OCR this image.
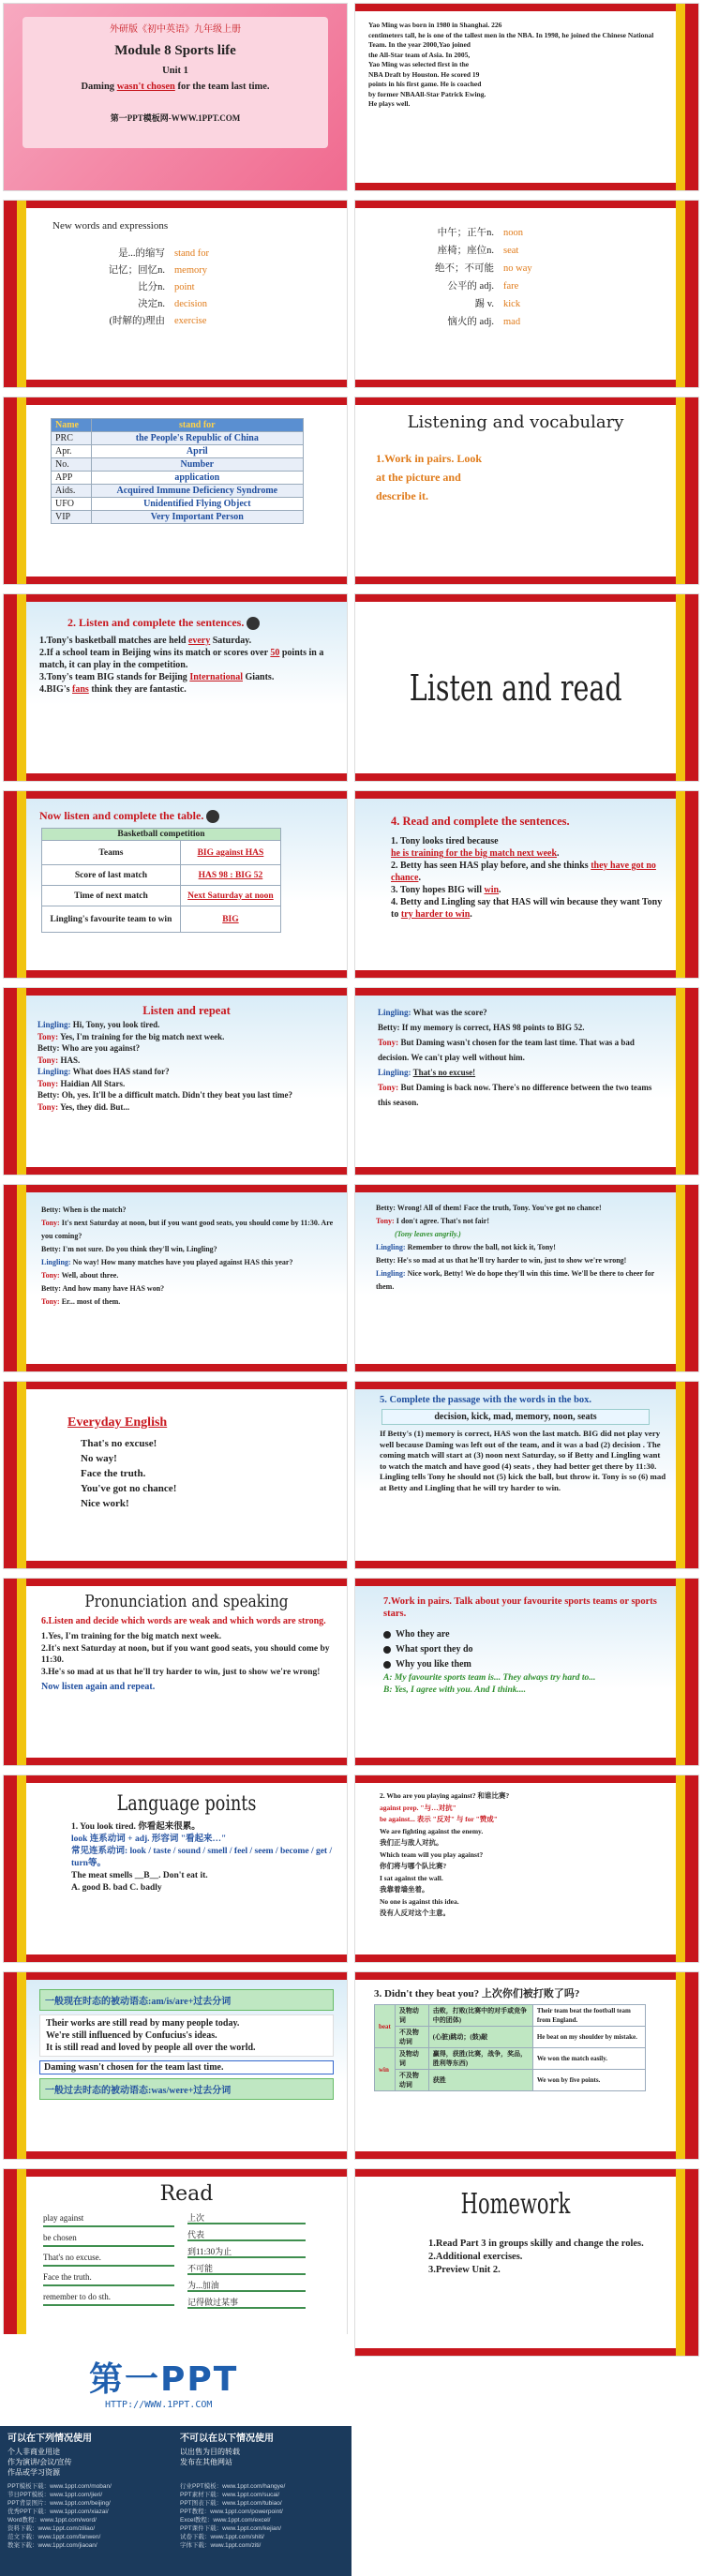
外研版《初中英语》九年级上册
Module 8 Sports life
Unit 1
Daming wasn't chosen for the team last time.
第一PPT模板网-WWW.1PPT.COM
Yao Ming was born in 1980 in Shanghai. 226
centimeters tall, he is one of the tallest men in the NBA. In 1998, he joined the Chinese National
Team. In the year 2000,Yao joined
the All-Star team of Asia. In 2005,
Yao Ming was selected first in the
NBA Draft by Houston. He scored 19
points in his first game. He is coached
by former NBAAll-Star Patrick Ewing.
He plays well.
New words and expressions
是...的缩写 stand for
记忆；回忆n. memory
比分n. point
决定n. decision
(时解的)理由 exercise
中午；正午n. noon
座椅；座位n. seat
绝不；不可能 no way
公平的 adj. fare
踢 v. kick
恼火的 adj. mad
Name	stand for
PRC	the People's Republic of China
Apr.	April
No.	Number
APP	application
Aids.	Acquired Immune Deficiency Syndrome
UFO	Unidentified Flying Object
VIP	Very Important Person
Listening and vocabulary
1.Work in pairs. Look at the picture and describe it.
2. Listen and complete the sentences.
1.Tony's basketball matches are held every Saturday.
2.If a school team in Beijing wins its match or scores over 50 points in a match, it can play in the competition.
3.Tony's team BIG stands for Beijing International Giants.
4.BIG's fans think they are fantastic.	Listen and read
Now listen and complete the table.
Basketball competition	
Teams	BIG against HAS
Score of last match	HAS 98 : BIG 52
Time of next match	Next Saturday at noon
Lingling's favourite team to win	BIG
4. Read and complete the sentences.
1. Tony looks tired because
he is training for the big match next week.
2. Betty has seen HAS play before, and she thinks they have got no chance.
3. Tony hopes BIG will win.
4. Betty and Lingling say that HAS will win because they want Tony to try harder to win.
Listen and repeat
Lingling: Hi, Tony, you look tired.
Tony: Yes, I'm training for the big match next week.
Betty: Who are you against?
Tony: HAS.
Lingling: What does HAS stand for?
Tony: Haidian All Stars.
Betty: Oh, yes. It'll be a difficult match. Didn't they beat you last time?
Tony: Yes, they did. But...
Lingling: What was the score?
Betty: If my memory is correct, HAS 98 points to BIG 52.
Tony: But Daming wasn't chosen for the team last time. That was a bad decision. We can't play well without him.
Lingling: That's no excuse!
Tony: But Daming is back now. There's no difference between the two teams this season.
Betty: When is the match?
Tony: It's next Saturday at noon, but if you want good seats, you should come by 11:30. Are you coming?
Betty: I'm not sure. Do you think they'll win, Lingling?
Lingling: No way! How many matches have you played against HAS this year?
Tony: Well, about three.
Betty: And how many have HAS won?
Tony: Er... most of them.
Betty: Wrong! All of them! Face the truth, Tony. You've got no chance!
Tony: I don't agree. That's not fair!
(Tony leaves angrily.)
Lingling: Remember to throw the ball, not kick it, Tony!
Betty: He's so mad at us that he'll try harder to win, just to show we're wrong!
Lingling: Nice work, Betty! We do hope they'll win this time. We'll be there to cheer for them.
Everyday English
That's no excuse!
No way!
Face the truth.
You've got no chance!
Nice work!
5. Complete the passage with the words in the box.
decision, kick, mad, memory, noon, seats
If Betty's (1) memory is correct, HAS won the last match. BIG did not play very well because Daming was left out of the team, and it was a bad (2) decision . The coming match will start at (3) noon next Saturday, so if Betty and Lingling want to watch the match and have good (4) seats , they had better get there by 11:30. Lingling tells Tony he should not (5) kick the ball, but throw it. Tony is so (6) mad at Betty and Lingling that he will try harder to win.
Pronunciation and speaking
6.Listen and decide which words are weak and which words are strong.
1.Yes, I'm training for the big match next week.
2.It's next Saturday at noon, but if you want good seats, you should come by 11:30.
3.He's so mad at us that he'll try harder to win, just to show we're wrong!
Now listen again and repeat.
7.Work in pairs. Talk about your favourite sports teams or sports stars.
Who they are
What sport they do
Why you like them
A: My favourite sports team is... They always try hard to...
B: Yes, I agree with you. And I think....
Language points
1. You look tired. 你看起来很累。
look 连系动词 + adj. 形容词 "看起来…"
常见连系动词: look / taste / sound / smell / feel / seem / become / get / turn等。
The meat smells __B__. Don't eat it.
A. good B. bad C. badly
2. Who are you playing against? 和谁比赛?
against prep. "与…对抗"
be against... 表示 "反对" 与 for "赞成"
We are fighting against the enemy.
我们正与敌人对抗。
Which team will you play against?
你们将与哪个队比赛?
I sat against the wall.
我靠着墙坐着。
No one is against this idea.
没有人反对这个主意。
一般现在时态的被动语态:am/is/are+过去分词
Their works are still read by many people today.
We're still influenced by Confucius's ideas.
It is still read and loved by people all over the world.
Daming wasn't chosen for the team last time.
一般过去时态的被动语态:was/were+过去分词
3. Didn't they beat you? 上次你们被打败了吗?
beat	及物动词	击败，打败(比赛中的对手或竞争中的团体)	Their team beat the football team from England.
	不及物动词	(心脏)跳动；(鼓)敲	He beat on my shoulder by mistake.
win	及物动词	赢得，获胜(比赛，战争，奖品，胜利等东西)	We won the match easily.
	不及物动词	获胜	We won by five points.
Read
play against
be chosen
That's no excuse.
Face the truth.
remember to do sth.
上次
代表
到11:30为止
不可能
为...加油
记得做过某事
Homework
1.Read Part 3 in groups skilly and change the roles.
2.Additional exercises.
3.Preview Unit 2.
第一PPT
HTTP://WWW.1PPT.COM
可以在下列情况使用
个人非商业用途
作为演讲/会议/宣传
作品或学习资源
不可以在以下情况使用
以出售为目的转载
发布在其他网站
PPT模板下载：www.1ppt.com/moban/
节日PPT模板：www.1ppt.com/jieri/
PPT背景图片：www.1ppt.com/beijing/
优秀PPT下载：www.1ppt.com/xiazai/
Word教程：www.1ppt.com/word/
资料下载：www.1ppt.com/ziliao/
范文下载：www.1ppt.com/fanwen/
教案下载：www.1ppt.com/jiaoan/
行业PPT模板：www.1ppt.com/hangye/
PPT素材下载：www.1ppt.com/sucai/
PPT图表下载：www.1ppt.com/tubiao/
PPT教程：www.1ppt.com/powerpoint/
Excel教程：www.1ppt.com/excel/
PPT课件下载：www.1ppt.com/kejian/
试卷下载：www.1ppt.com/shiti/
字体下载：www.1ppt.com/ziti/
